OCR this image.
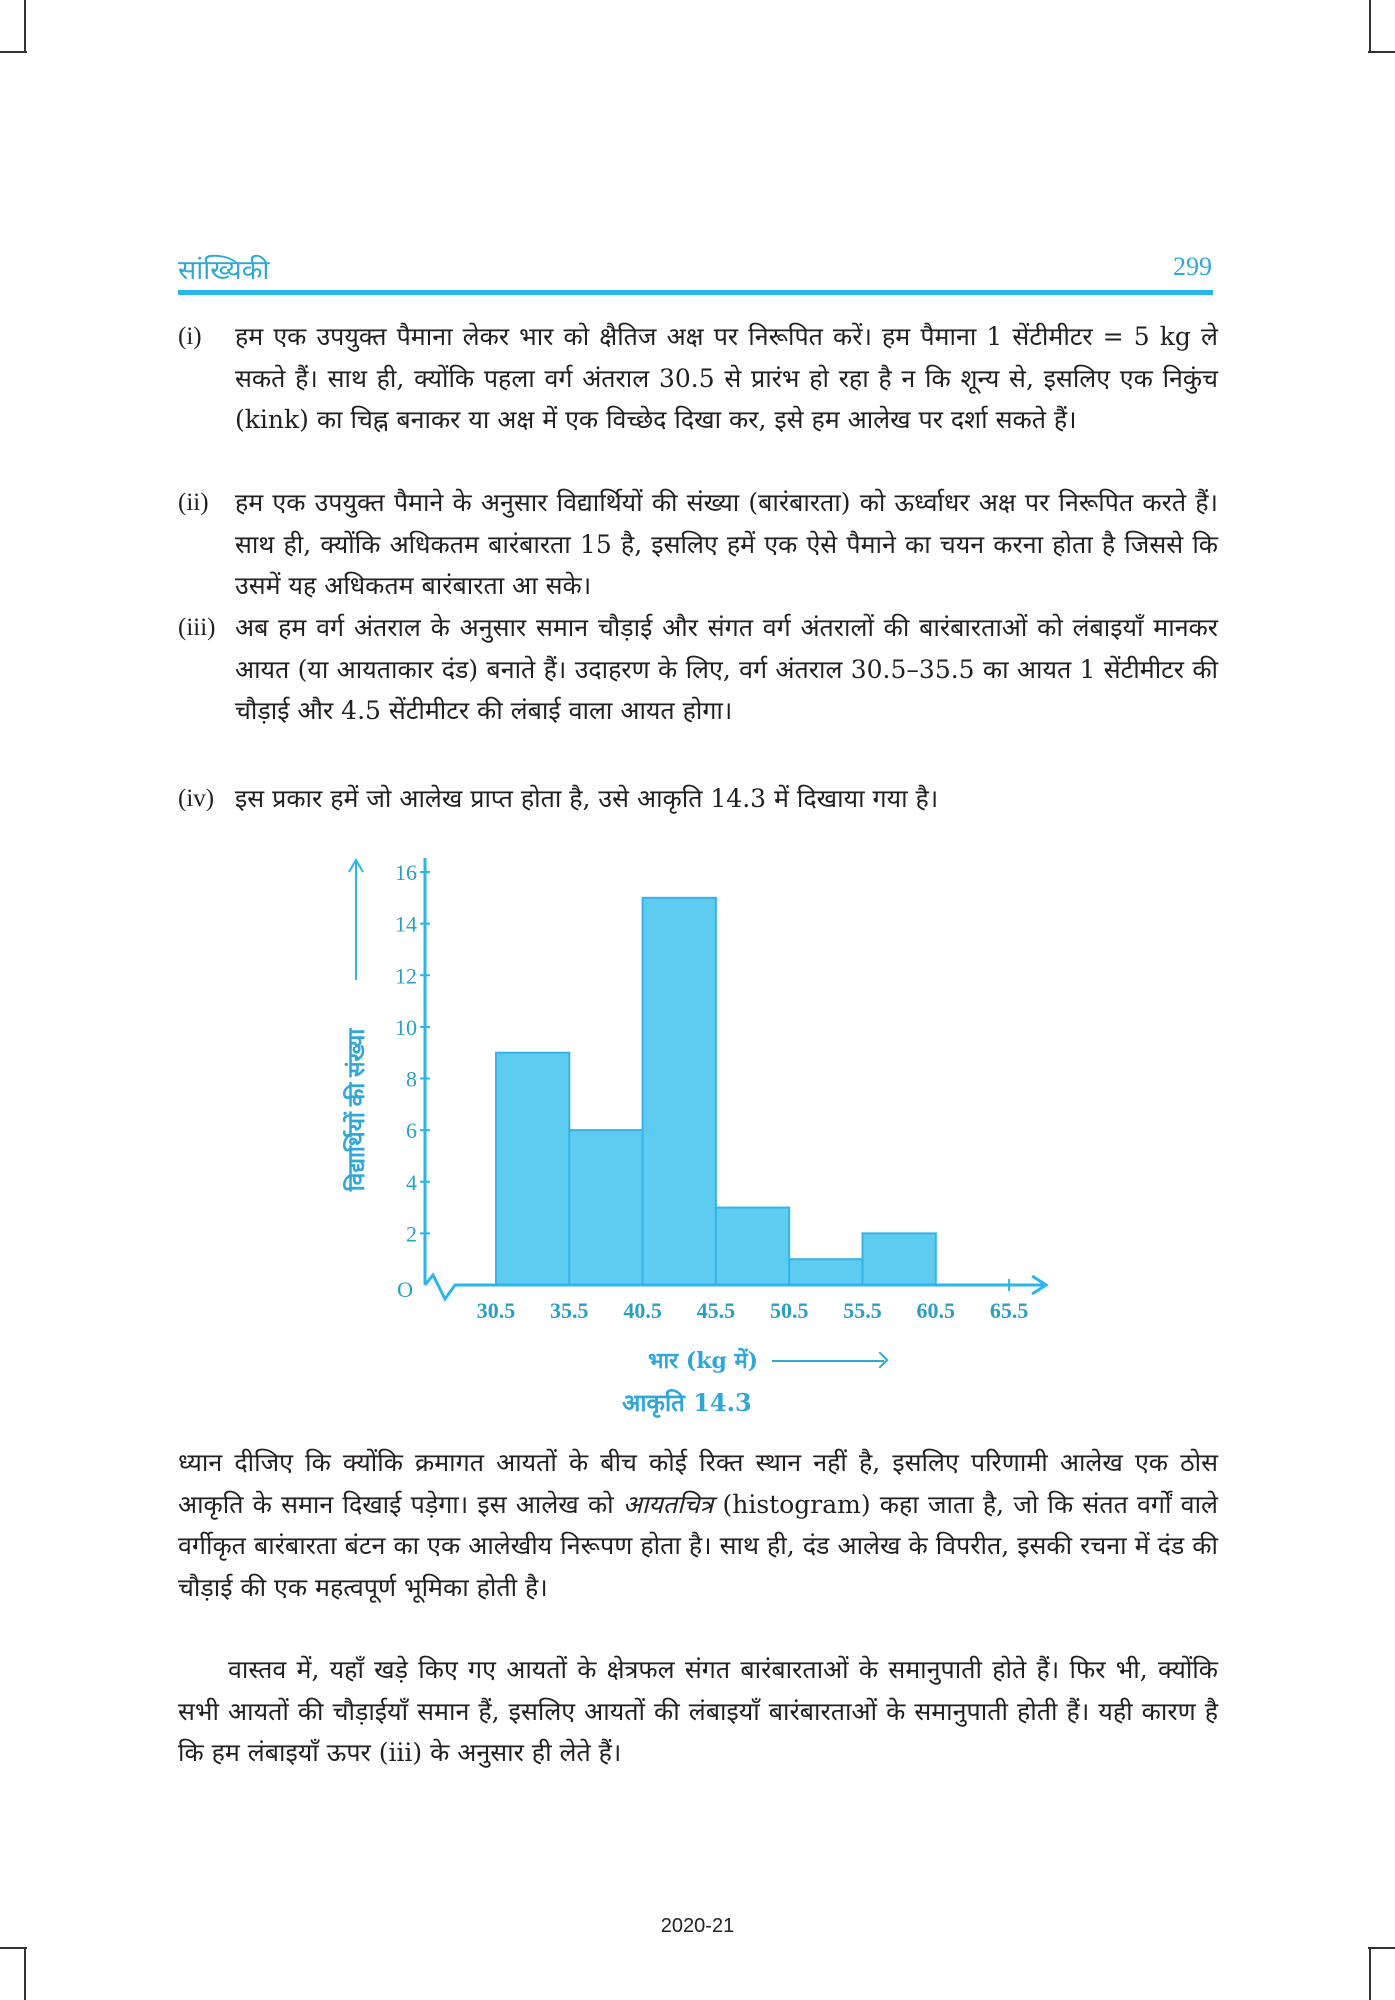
सांख्यिकी	299
(i)	हम एक उपयुक्त पैमाना लेकर भार को क्षैतिज अक्ष पर निरूपित करें। हम पैमाना 1 सेंटीमीटर = 5 kg ले सकते हैं। साथ ही, क्योंकि पहला वर्ग अंतराल 30.5 से प्रारंभ हो रहा है न कि शून्य से, इसलिए एक निकुंच (kink) का चिह्न बनाकर या अक्ष में एक विच्छेद दिखा कर, इसे हम आलेख पर दर्शा सकते हैं।
(ii)	हम एक उपयुक्त पैमाने के अनुसार विद्यार्थियों की संख्या (बारंबारता) को ऊर्ध्वाधर अक्ष पर निरूपित करते हैं। साथ ही, क्योंकि अधिकतम बारंबारता 15 है, इसलिए हमें एक ऐसे पैमाने का चयन करना होता है जिससे कि उसमें यह अधिकतम बारंबारता आ सके।
(iii) अब हम वर्ग अंतराल के अनुसार समान चौड़ाई और संगत वर्ग अंतरालों की बारंबारताओं को लंबाइयाँ मानकर आयत (या आयताकार दंड) बनाते हैं। उदाहरण के लिए, वर्ग अंतराल 30.5–35.5 का आयत 1 सेंटीमीटर की चौड़ाई और 4.5 सेंटीमीटर की लंबाई वाला आयत होगा।
(iv) इस प्रकार हमें जो आलेख प्राप्त होता है, उसे आकृति 14.3 में दिखाया गया है।
2
4
6
8
10
12
14
16
O
30.5 35.5 40.5 45.5 50.5 55.5 60.5 65.5
विद्यार्थियों की संख्या
भार (kg में)
आकृति 14.3
ध्यान दीजिए कि क्योंकि क्रमागत आयतों के बीच कोई रिक्त स्थान नहीं है, इसलिए परिणामी आलेख एक ठोस आकृति के समान दिखाई पड़ेगा। इस आलेख को आयतचित्र (histogram) कहा जाता है, जो कि संतत वर्गों वाले वर्गीकृत बारंबारता बंटन का एक आलेखीय निरूपण होता है। साथ ही, दंड आलेख के विपरीत, इसकी रचना में दंड की चौड़ाई की एक महत्वपूर्ण भूमिका होती है।
वास्तव में, यहाँ खड़े किए गए आयतों के क्षेत्रफल संगत बारंबारताओं के समानुपाती होते हैं। फिर भी, क्योंकि सभी आयतों की चौड़ाईयाँ समान हैं, इसलिए आयतों की लंबाइयाँ बारंबारताओं के समानुपाती होती हैं। यही कारण है कि हम लंबाइयाँ ऊपर (iii) के अनुसार ही लेते हैं।
2020-21
